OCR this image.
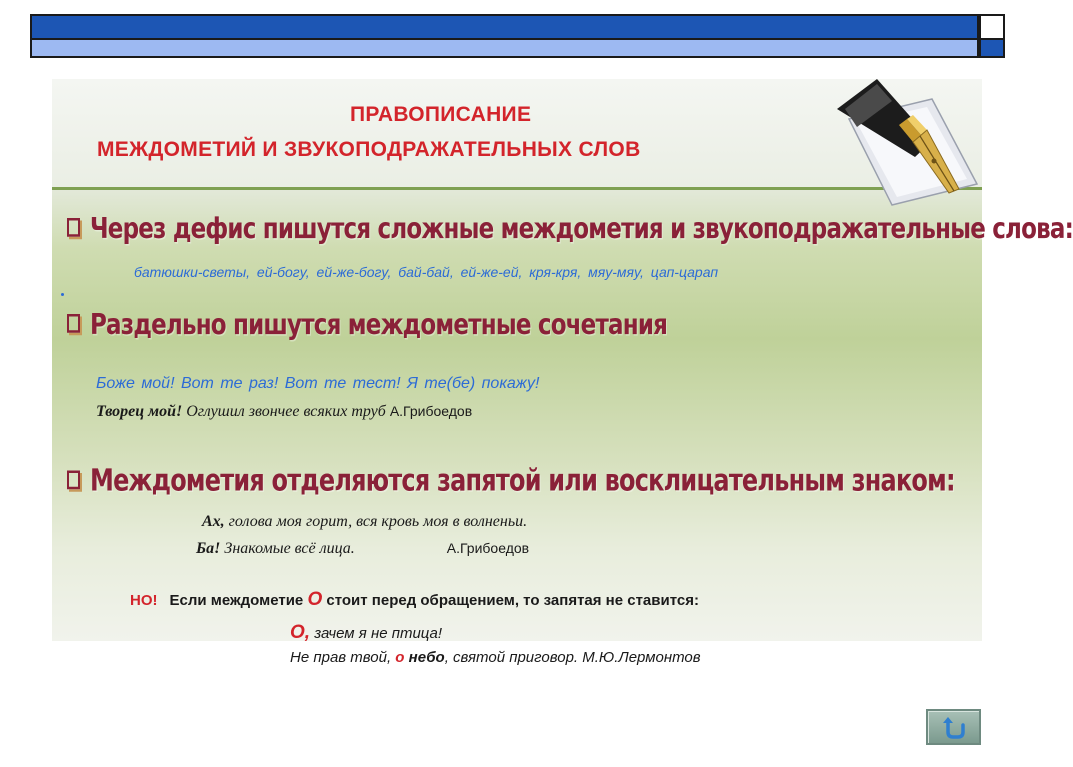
ПРАВОПИСАНИЕ
МЕЖДОМЕТИЙ И ЗВУКОПОДРАЖАТЕЛЬНЫХ СЛОВ
Через дефис пишутся сложные междометия и звукоподражательные слова:
батюшки-светы, ей-богу, ей-же-богу, бай-бай, ей-же-ей, кря-кря, мяу-мяу, цап-царап
Раздельно пишутся междометные сочетания
Боже мой! Вот те раз! Вот те тест! Я те(бе) покажу!
Творец мой! Оглушил звончее всяких труб А.Грибоедов
Междометия отделяются запятой или восклицательным знаком:
Ах, голова моя горит, вся кровь моя в волненьи.
Ба! Знакомые всё лица.	А.Грибоедов
НО! Если междометие О стоит перед обращением, то запятая не ставится:
О, зачем я не птица!
Не прав твой, о небо, святой приговор. М.Ю.Лермонтов
